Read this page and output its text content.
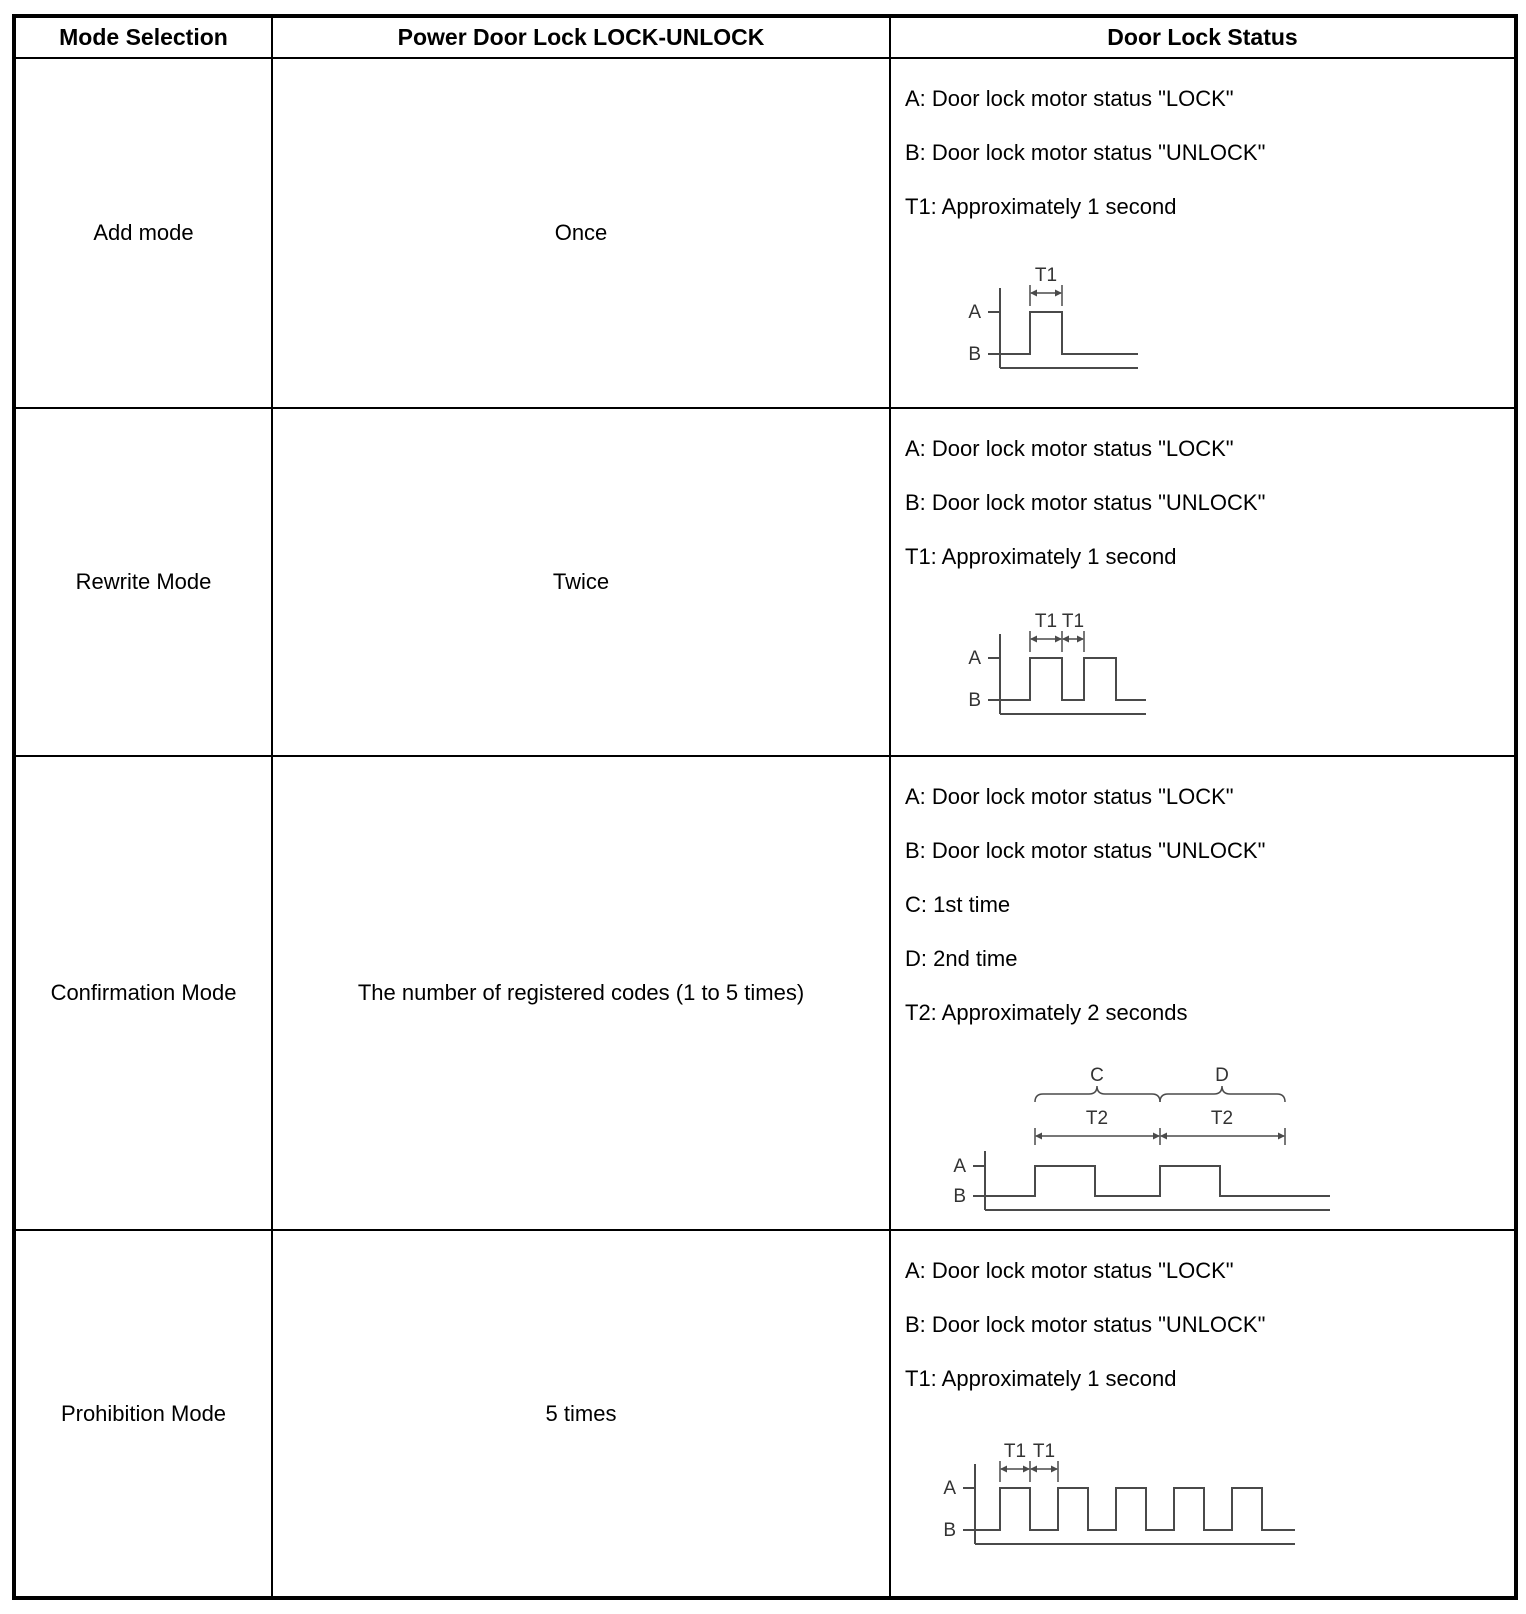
Mode Selection	Power Door Lock LOCK-UNLOCK	Door Lock Status
Add mode	Once	
A: Door lock motor status "LOCK"
B: Door lock motor status "UNLOCK"
T1: Approximately 1 second
T1
A
B

Rewrite Mode	Twice	
A: Door lock motor status "LOCK"
B: Door lock motor status "UNLOCK"
T1: Approximately 1 second
T1 T1
A
B

Confirmation Mode	The number of registered codes (1 to 5 times)	
A: Door lock motor status "LOCK"
B: Door lock motor status "UNLOCK"
C: 1st time
D: 2nd time
T2: Approximately 2 seconds
C	D
T2	T2
A
B

Prohibition Mode	5 times	
A: Door lock motor status "LOCK"
B: Door lock motor status "UNLOCK"
T1: Approximately 1 second
T1 T1
A
B
